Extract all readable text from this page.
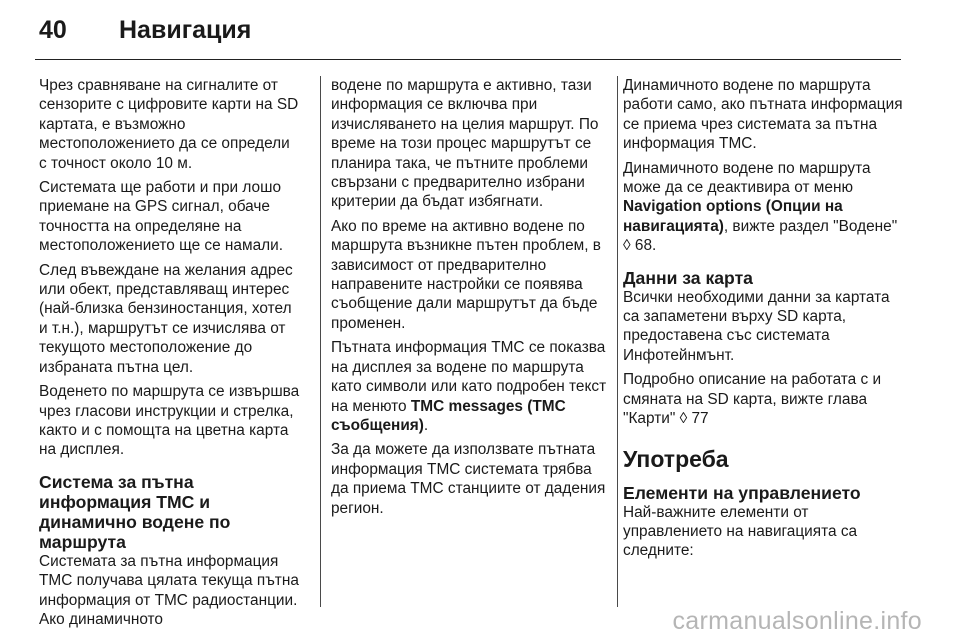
40 Навигация

Чрез сравняване на сигналите от сензорите с цифровите карти на SD картата, е възможно местоположението да се определи с точност около 10 м.

Системата ще работи и при лошо приемане на GPS сигнал, обаче точността на определяне на местоположението ще се намали.

След въвеждане на желания адрес или обект, представляващ интерес (най-близка бензиностанция, хотел и т.н.), маршрутът се изчислява от текущото местоположение до избраната пътна цел.

Воденето по маршрута се извършва чрез гласови инструкции и стрелка, както и с помощта на цветна карта на дисплея.

Система за пътна информация TMC и динамично водене по маршрута

Системата за пътна информация TMC получава цялата текуща пътна информация от TMC радиостанции. Ако динамичното

водене по маршрута е активно, тази информация се включва при изчисляването на целия маршрут. По време на този процес маршрутът се планира така, че пътните проблеми свързани с предварително избрани критерии да бъдат избягнати.

Ако по време на активно водене по маршрута възникне пътен проблем, в зависимост от предварително направените настройки се появява съобщение дали маршрутът да бъде променен.

Пътната информация TMC се показва на дисплея за водене по маршрута като символи или като подробен текст на менюто TMC messages (TMC съобщения).

За да можете да използвате пътната информация TMC системата трябва да приема TMC станциите от дадения регион.

Динамичното водене по маршрута работи само, ако пътната информация се приема чрез системата за пътна информация TMC.

Динамичното водене по маршрута може да се деактивира от меню Navigation options (Опции на навигацията), вижте раздел "Водене" ◊ 68.

Данни за карта

Всички необходими данни за картата са запаметени върху SD карта, предоставена със системата Инфотейнмънт.

Подробно описание на работата с и смяната на SD карта, вижте глава "Карти" ◊ 77

Употреба
Елементи на управлението

Най-важните елементи от управлението на навигацията са следните:

carmanualsonline.info
